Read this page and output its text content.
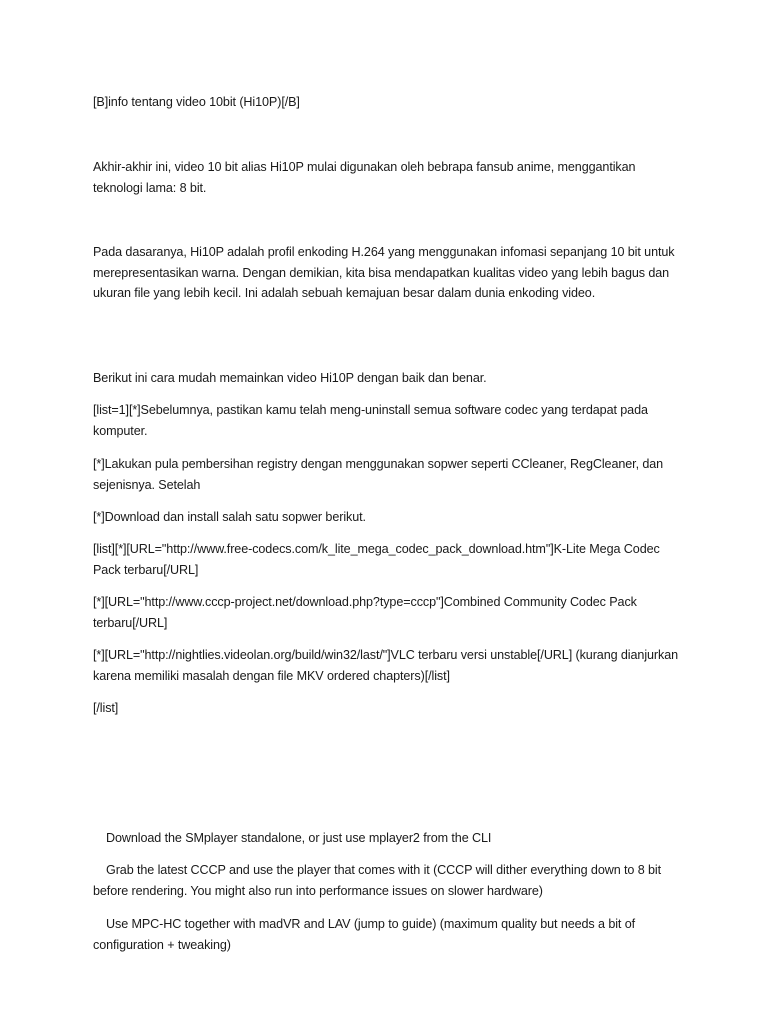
[B]info tentang video 10bit (Hi10P)[/B]

Akhir-akhir ini, video 10 bit alias Hi10P mulai digunakan oleh bebrapa fansub anime, menggantikan teknologi lama: 8 bit.

Pada dasaranya, Hi10P adalah profil enkoding H.264 yang menggunakan infomasi sepanjang 10 bit untuk merepresentasikan warna. Dengan demikian, kita bisa mendapatkan kualitas video yang lebih bagus dan ukuran file yang lebih kecil. Ini adalah sebuah kemajuan besar dalam dunia enkoding video.

Berikut ini cara mudah memainkan video Hi10P dengan baik dan benar.

[list=1][*]Sebelumnya, pastikan kamu telah meng-uninstall semua software codec yang terdapat pada komputer.

[*]Lakukan pula pembersihan registry dengan menggunakan sopwer seperti CCleaner, RegCleaner, dan sejenisnya. Setelah

[*]Download dan install salah satu sopwer berikut.

[list][*][URL="http://www.free-codecs.com/k_lite_mega_codec_pack_download.htm"]K-Lite Mega Codec Pack terbaru[/URL]

[*][URL="http://www.cccp-project.net/download.php?type=cccp"]Combined Community Codec Pack terbaru[/URL]

[*][URL="http://nightlies.videolan.org/build/win32/last/"]VLC terbaru versi unstable[/URL] (kurang dianjurkan karena memiliki masalah dengan file MKV ordered chapters)[/list]

[/list]

Download the SMplayer standalone, or just use mplayer2 from the CLI

Grab the latest CCCP and use the player that comes with it (CCCP will dither everything down to 8 bit before rendering. You might also run into performance issues on slower hardware)

Use MPC-HC together with madVR and LAV (jump to guide) (maximum quality but needs a bit of configuration + tweaking)
